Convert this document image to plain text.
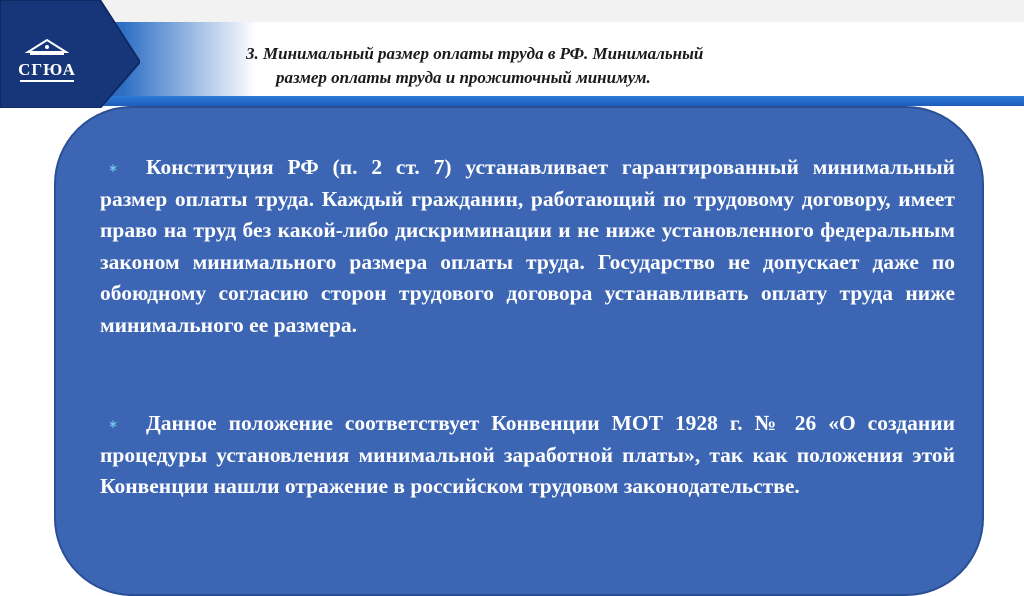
СГЮА
3. Минимальный размер оплаты труда в РФ. Минимальный
размер оплаты труда и прожиточный минимум.
∗	Конституция РФ (п. 2 ст. 7) устанавливает гарантированный минимальный размер оплаты труда. Каждый гражданин, работающий по трудовому договору, имеет право на труд без какой-либо дискриминации и не ниже установленного федеральным законом минимального размера оплаты труда. Государство не допускает даже по обоюдному согласию сторон трудового договора устанавливать оплату труда ниже минимального ее размера.
∗	Данное положение соответствует Конвенции МОТ 1928 г. № 26 «О создании процедуры установления минимальной заработной платы», так как положения этой Конвенции нашли отражение в российском трудовом законодательстве.
